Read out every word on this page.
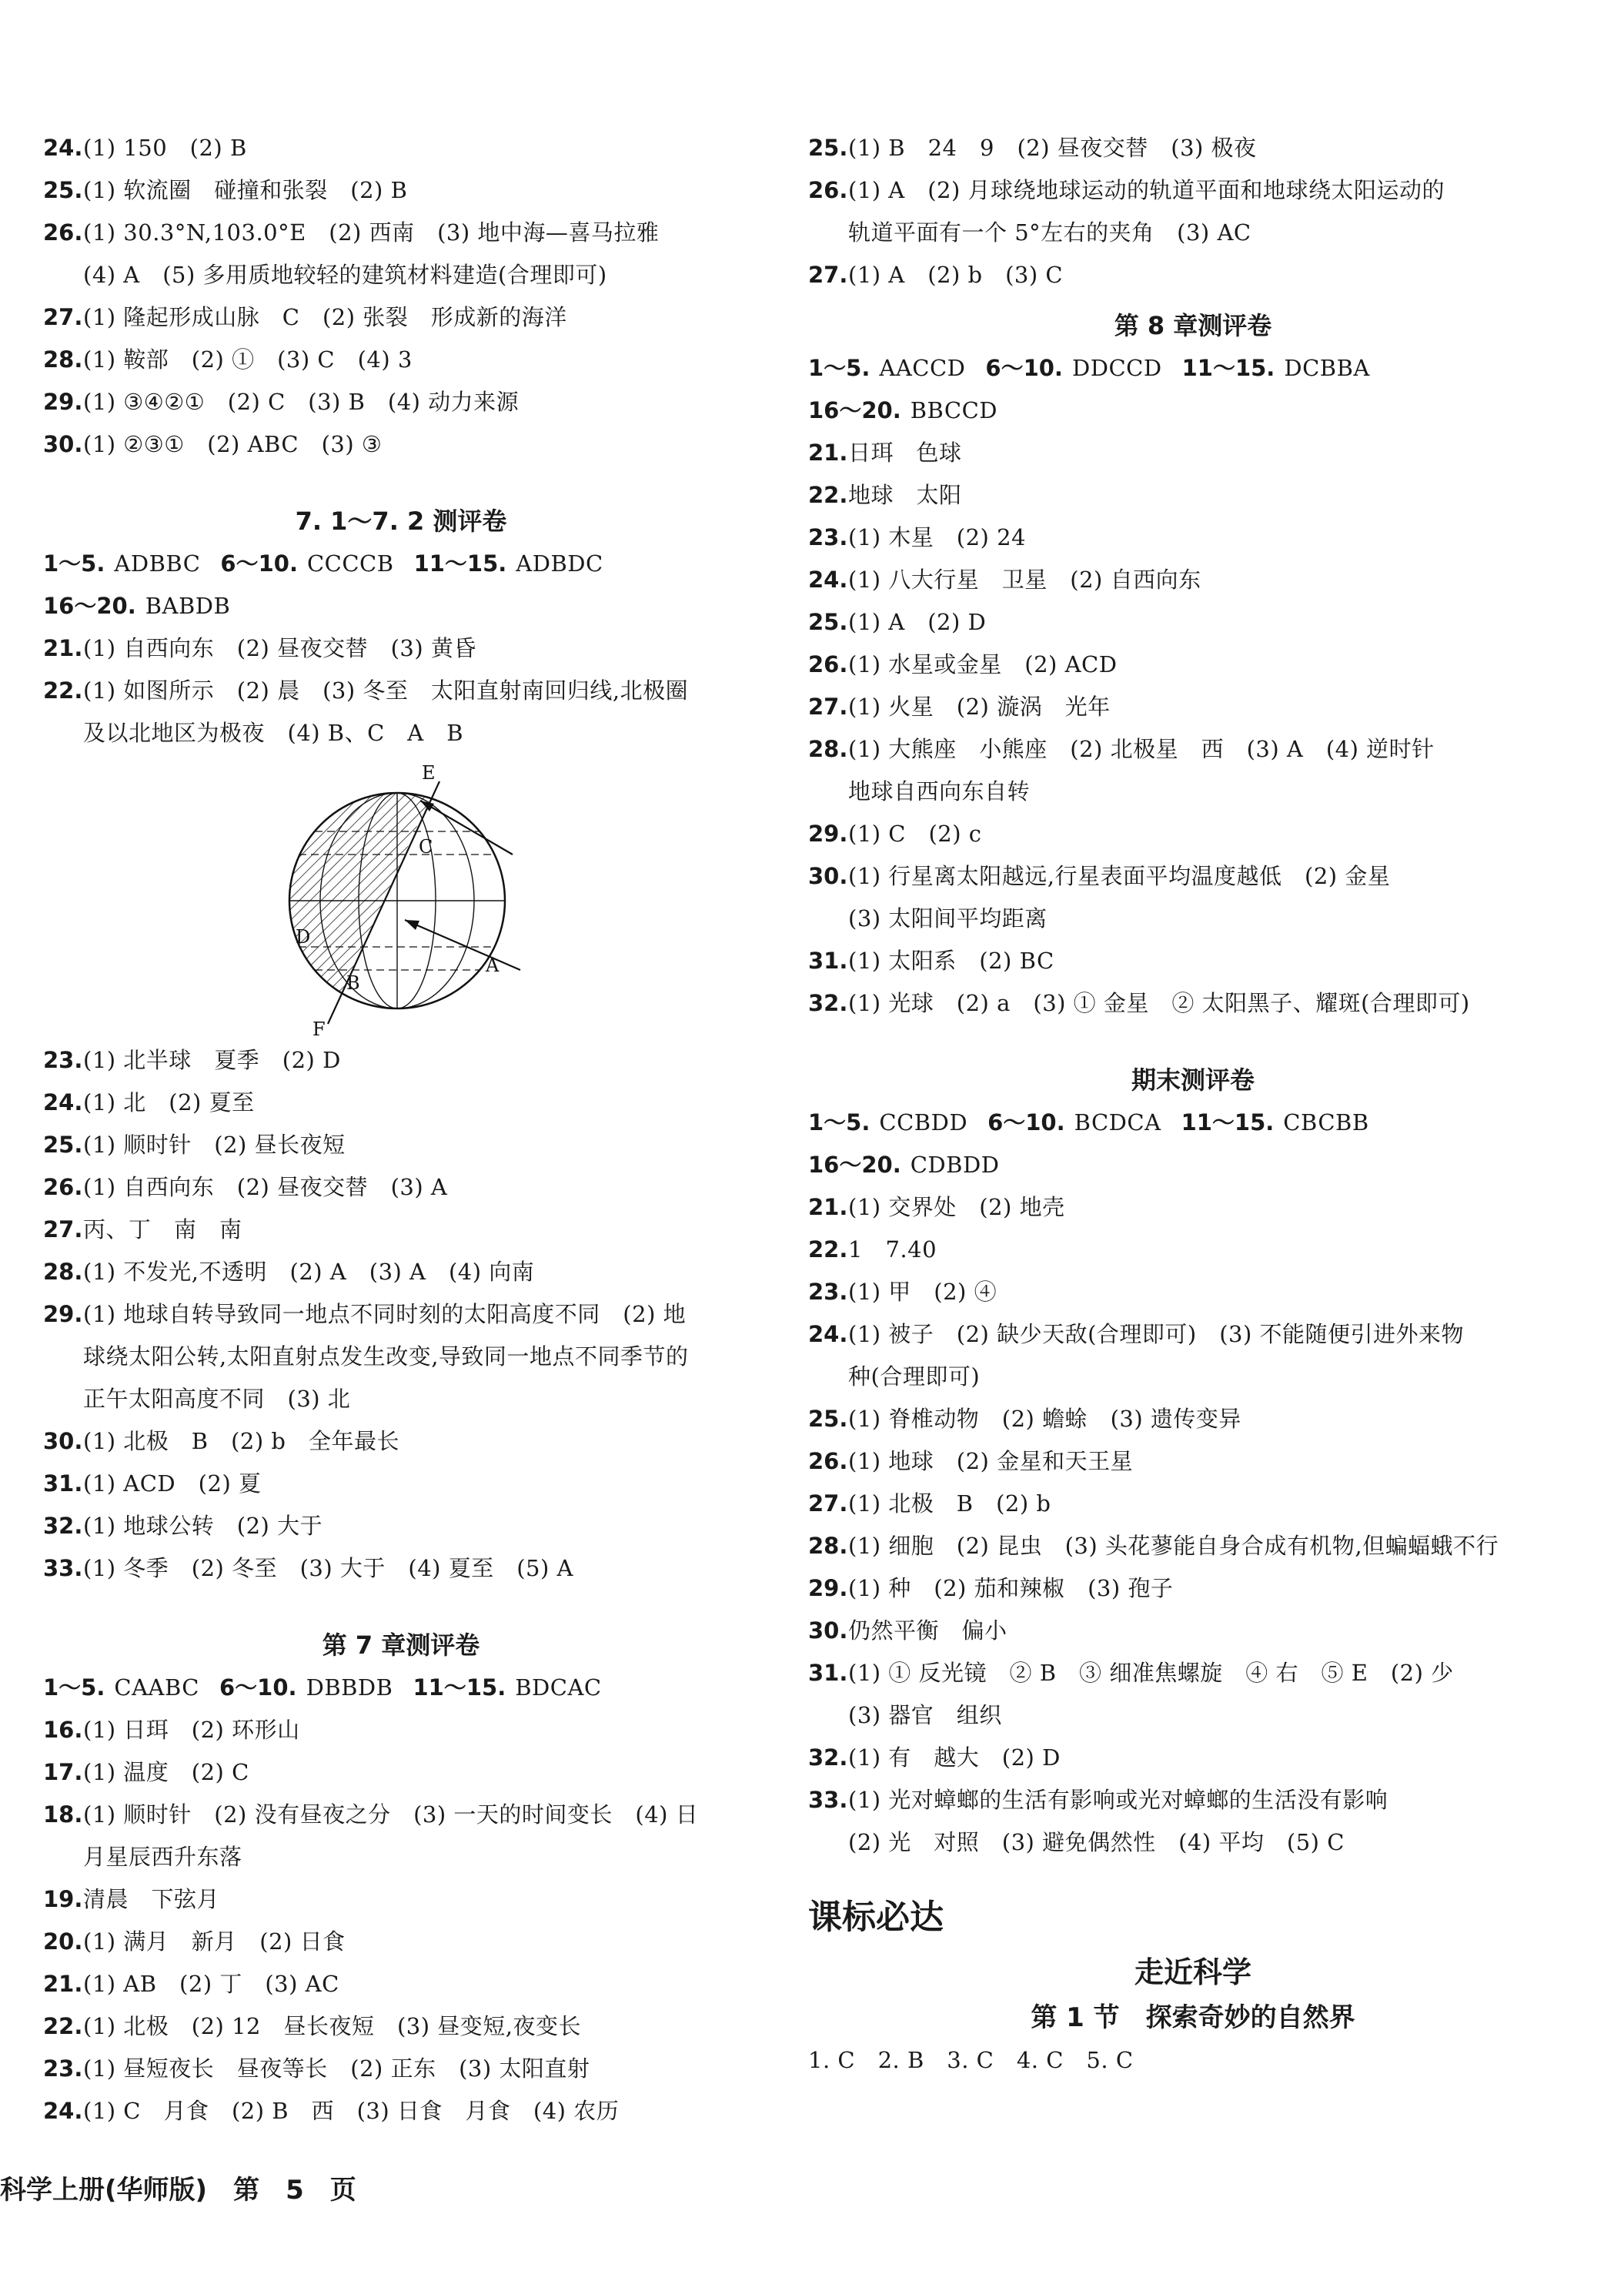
24.(1) 150　(2) B
25.(1) 软流圈　碰撞和张裂　(2) B
26.(1) 30.3°N,103.0°E　(2) 西南　(3) 地中海—喜马拉雅
(4) A　(5) 多用质地较轻的建筑材料建造(合理即可)
27.(1) 隆起形成山脉　C　(2) 张裂　形成新的海洋
28.(1) 鞍部　(2) ①　(3) C　(4) 3
29.(1) ③④②①　(2) C　(3) B　(4) 动力来源
30.(1) ②③①　(2) ABC　(3) ③
7. 1～7. 2 测评卷
1～5. ADBBC 6～10. CCCCB 11～15. ADBDC
16～20. BABDB
21.(1) 自西向东　(2) 昼夜交替　(3) 黄昏
22.(1) 如图所示　(2) 晨　(3) 冬至　太阳直射南回归线,北极圈
及以北地区为极夜　(4) B、C　A　B
E
C
D
A
B
F
23.(1) 北半球　夏季　(2) D
24.(1) 北　(2) 夏至
25.(1) 顺时针　(2) 昼长夜短
26.(1) 自西向东　(2) 昼夜交替　(3) A
27.丙、丁　南　南
28.(1) 不发光,不透明　(2) A　(3) A　(4) 向南
29.(1) 地球自转导致同一地点不同时刻的太阳高度不同　(2) 地
球绕太阳公转,太阳直射点发生改变,导致同一地点不同季节的
正午太阳高度不同　(3) 北
30.(1) 北极　B　(2) b　全年最长
31.(1) ACD　(2) 夏
32.(1) 地球公转　(2) 大于
33.(1) 冬季　(2) 冬至　(3) 大于　(4) 夏至　(5) A
第 7 章测评卷
1～5. CAABC 6～10. DBBDB 11～15. BDCAC
16.(1) 日珥　(2) 环形山
17.(1) 温度　(2) C
18.(1) 顺时针　(2) 没有昼夜之分　(3) 一天的时间变长　(4) 日
月星辰西升东落
19.清晨　下弦月
20.(1) 满月　新月　(2) 日食
21.(1) AB　(2) 丁　(3) AC
22.(1) 北极　(2) 12　昼长夜短　(3) 昼变短,夜变长
23.(1) 昼短夜长　昼夜等长　(2) 正东　(3) 太阳直射
24.(1) C　月食　(2) B　西　(3) 日食　月食　(4) 农历
25.(1) B　24　9　(2) 昼夜交替　(3) 极夜
26.(1) A　(2) 月球绕地球运动的轨道平面和地球绕太阳运动的
轨道平面有一个 5°左右的夹角　(3) AC
27.(1) A　(2) b　(3) C
第 8 章测评卷
1～5. AACCD 6～10. DDCCD 11～15. DCBBA
16～20. BBCCD
21.日珥　色球
22.地球　太阳
23.(1) 木星　(2) 24
24.(1) 八大行星　卫星　(2) 自西向东
25.(1) A　(2) D
26.(1) 水星或金星　(2) ACD
27.(1) 火星　(2) 漩涡　光年
28.(1) 大熊座　小熊座　(2) 北极星　西　(3) A　(4) 逆时针
地球自西向东自转
29.(1) C　(2) c
30.(1) 行星离太阳越远,行星表面平均温度越低　(2) 金星
(3) 太阳间平均距离
31.(1) 太阳系　(2) BC
32.(1) 光球　(2) a　(3) ① 金星　② 太阳黑子、耀斑(合理即可)
期末测评卷
1～5. CCBDD 6～10. BCDCA 11～15. CBCBB
16～20. CDBDD
21.(1) 交界处　(2) 地壳
22.1　7.40
23.(1) 甲　(2) ④
24.(1) 被子　(2) 缺少天敌(合理即可)　(3) 不能随便引进外来物
种(合理即可)
25.(1) 脊椎动物　(2) 蟾蜍　(3) 遗传变异
26.(1) 地球　(2) 金星和天王星
27.(1) 北极　B　(2) b
28.(1) 细胞　(2) 昆虫　(3) 头花蓼能自身合成有机物,但蝙蝠蛾不行
29.(1) 种　(2) 茄和辣椒　(3) 孢子
30.仍然平衡　偏小
31.(1) ① 反光镜　② B　③ 细准焦螺旋　④ 右　⑤ E　(2) 少
(3) 器官　组织
32.(1) 有　越大　(2) D
33.(1) 光对蟑螂的生活有影响或光对蟑螂的生活没有影响
(2) 光　对照　(3) 避免偶然性　(4) 平均　(5) C
课标必达
走近科学
第 1 节　探索奇妙的自然界
1. C　2. B　3. C　4. C　5. C
科学上册(华师版)　第　5　页
